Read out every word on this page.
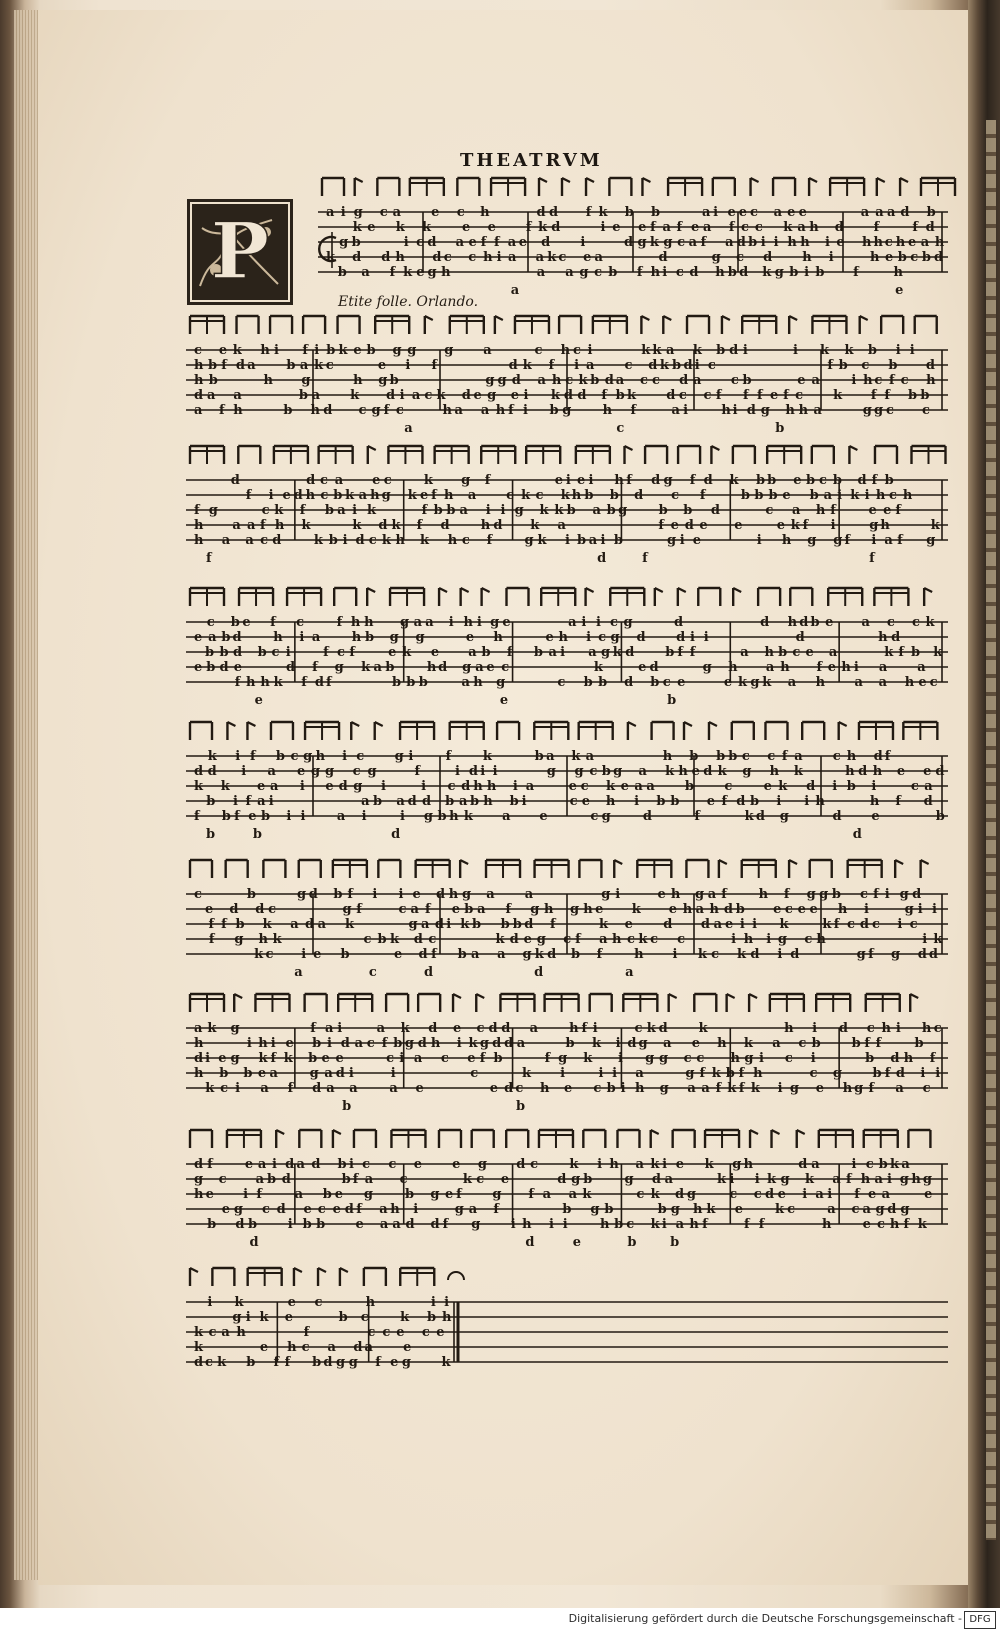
THEATRVM
P
Etite folle. Orlando.
a i g c a e c h	d d f k b b	a i e e c a e e	a a a d b
k e k k e e f k d	i e e f a f e a f c c k a h d f	f d
g b	i c d a e f f a e d i	d g k g c a f a d b i i h h i e h h c h e a h
k d d h d c c h i a a k c e a	d	g c d h i	h e b c b d
b a f k e g h	a a g c b f h i c d h b d k g b i b f	h
a	e
c e k h i f i b k e b g g g a	c h c i	k k a k b d i	i k k b i i
h b f d a b a k c	e i f	d k f i a c d k b d i c	f b c b d
h b	h g	h g b	g g d a h c k b d a c c d a c b	e a i h c f c h
d a a	b a k d i a c k d e g e i k d d f b k d c c f f f e f c k f f b b
a f h	b h d c g f c	h a a h f i b g h f	a i	h i d g h h a	g g c c
a	c	b
d	d c a e c k g f	e i e i h f d g f d k b b e b c b d f b
f i e d h c b k a h g k e f h a c k c k h b b d c f	b b b e b a i k i h c h
f g	c k f b a i k	f b b a i i g k k b a b g b b d	c a h f	e e f
h a a f h k	k d k f d h d k a	f e d e e	e k f i	g h	k
h a a c d	k b i d c k h k h c f g k i b a i b	g i e	i h g g f i a f g
f	d	f	f
c b e f c	f h h g a a i h i g e	a i i c g	d	d h d b e a c c k
e a b d h i a h b g g	e h	e h i c g d d i i	d	h d
b b d b c i f c f	e k e a b f b a i a g k d b f f	a h b c e a	k f b k
e b d e	d f g k a b h d g a e c	k	e d	g h a h f e h i a a
f h h k f d f	b b b	a h g	c b b d b c e	e k g k a h a a h e c
e	e	b
k i f b c g h i c g i f k	b a k a	h b b b c c f a c h d f
d d i a e g g c g	f	i d i i	g g c b g a k h e d k g h k	h d h e e d
k k e a i e d g i	i c d h h i a	e c k e a a b c e k d i b i	c a
b i f a i	a b a d d b a b h b i	c e h i b b e f d b i i h	h f d
f b f e b i i a i	i g b h k a e	c g d	f	k d g	d e	b
b	b	d	d
c	b	g d b f i i e d h g a a	g i	e h g a f h f g g b c f i g d
e d d c	g f	c a f e b a f g h g h e k e h a h d b e c e e h i	g i i
f f b k a d a k	g a d i k b b b d f	k e d d a e i i k	k f c d c i c
f g h k	c b k d c	k d e g c f a h c k c c	i h i g c h	i k
k c i e b	e d f b a a g k d b f h i k c k d i d	g f g d d
a	c	d	d	a
a k g	f a i	a k d e c d d a h f i	c k d k	h i d c h i h c
h	i h i e b i d a c f b g d h i k g d d a	b k i d g a e h k a c b b f f	b
d i e g k f k b e e	c i a c e f b	f g k i g g c c h g i c i	b d h f
h b b e a g a d i	i	c	k i	i i a	g f k b f h	c g b f d i i
k c i a f d a a a e	e d c h e c b i h g a a f k f k i g e h g f a c
b	b
d f e a i d a d b i c c e e g d c k i h a k i e k g h	d a i c b k a
g c a b d	b f a c	k c e	d g b g d a	k i i k g k a f h a i g h g
h e i f	a b e g b g e f g f a a k	c k d g	c c d e i a i f e a	e
e g c d e c e d f a h i	g a f	b g b	b g h k e k c a c a g d g
b d b i b b e a a d d f g i h i i h b c k i a h f	f f	h e c h f k
d	d	e	b	b
i k	e c	h	i i
g i k e	b c k b h
k c a h	f	c c e c e
k	e h c a d a e
d c k b f f b d g g f e g k
Digitalisierung gefördert durch die Deutsche Forschungsgemeinschaft - DFG
